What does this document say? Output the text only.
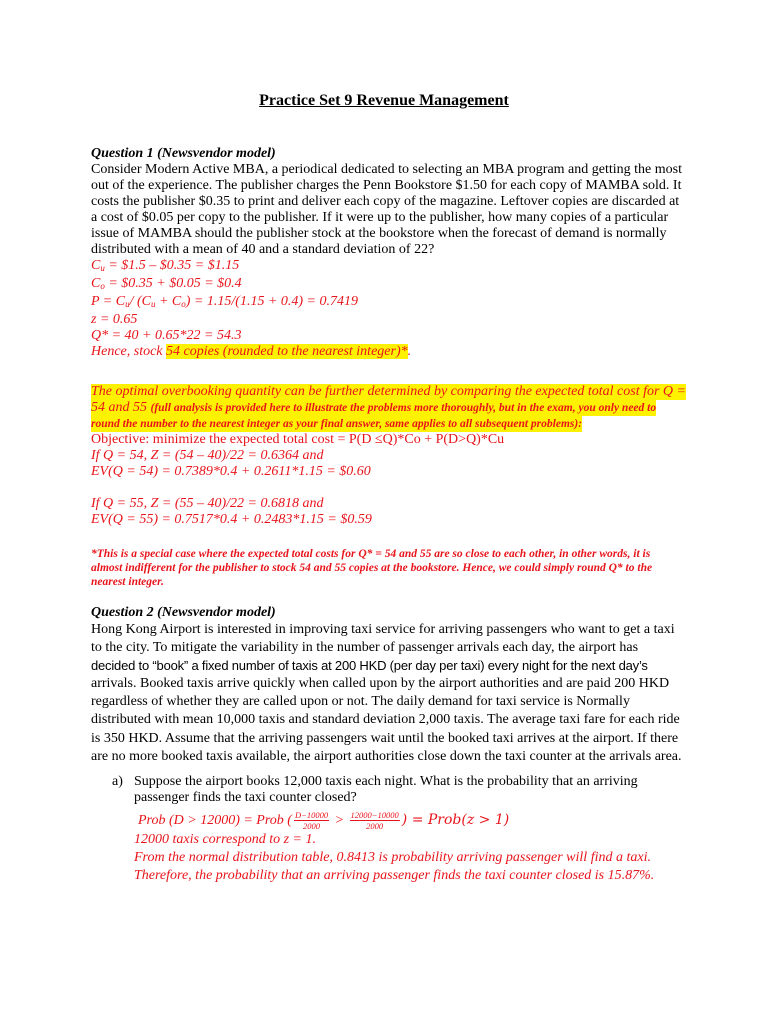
Practice Set 9 Revenue Management
Question 1 (Newsvendor model)
Consider Modern Active MBA, a periodical dedicated to selecting an MBA program and getting the most
out of the experience. The publisher charges the Penn Bookstore $1.50 for each copy of MAMBA sold. It
costs the publisher $0.35 to print and deliver each copy of the magazine. Leftover copies are discarded at
a cost of $0.05 per copy to the publisher. If it were up to the publisher, how many copies of a particular
issue of MAMBA should the publisher stock at the bookstore when the forecast of demand is normally
distributed with a mean of 40 and a standard deviation of 22?
$C_u$ = $1.5 – $0.35 = $1.15
$C_o$ = $0.35 + $0.05 = $0.4
$P = C_u/$ $(C_u + C_o) = 1.15/(1.15 + 0.4) = 0.7419$
z = 0.65
Q* = 40 + 0.65*22 = 54.3
Hence, stock 54 copies (rounded to the nearest integer)*.
The optimal overbooking quantity can be further determined by comparing the expected total cost for Q = 54 and 55 (full analysis is provided here to illustrate the problems more thoroughly, but in the exam, you only need to round the number to the nearest integer as your final answer, same applies to all subsequent problems):
Objective: minimize the expected total cost = P(D ≤Q)*Co + P(D>Q)*Cu
If Q = 54, Z = (54 – 40)/22 = 0.6364 and
EV(Q = 54) = 0.7389*0.4 + 0.2611*1.15 = $0.60

If Q = 55, Z = (55 – 40)/22 = 0.6818 and
EV(Q = 55) = 0.7517*0.4 + 0.2483*1.15 = $0.59
*This is a special case where the expected total costs for Q* = 54 and 55 are so close to each other, in other words, it is
almost indifferent for the publisher to stock 54 and 55 copies at the bookstore. Hence, we could simply round Q* to the
nearest integer.
Question 2 (Newsvendor model)
Hong Kong Airport is interested in improving taxi service for arriving passengers who want to get a taxi
to the city. To mitigate the variability in the number of passenger arrivals each day, the airport has
decided to “book” a fixed number of taxis at 200 HKD (per day per taxi) every night for the next day’s
arrivals. Booked taxis arrive quickly when called upon by the airport authorities and are paid 200 HKD
regardless of whether they are called upon or not. The daily demand for taxi service is Normally
distributed with mean 10,000 taxis and standard deviation 2,000 taxis. The average taxi fare for each ride
is 350 HKD. Assume that the arriving passengers wait until the booked taxi arrives at the airport. If there
are no more booked taxis available, the airport authorities close down the taxi counter at the arrivals area.
a) Suppose the airport books 12,000 taxis each night. What is the probability that an arriving
passenger finds the taxi counter closed?
Prob (D > 12000) = Prob ( $\frac{D-10000}{2000} > \frac{12000-10000}{2000}$ ) = Prob(z > 1)
12000 taxis correspond to z = 1.
From the normal distribution table, 0.8413 is probability arriving passenger will find a taxi.
Therefore, the probability that an arriving passenger finds the taxi counter closed is 15.87%.
